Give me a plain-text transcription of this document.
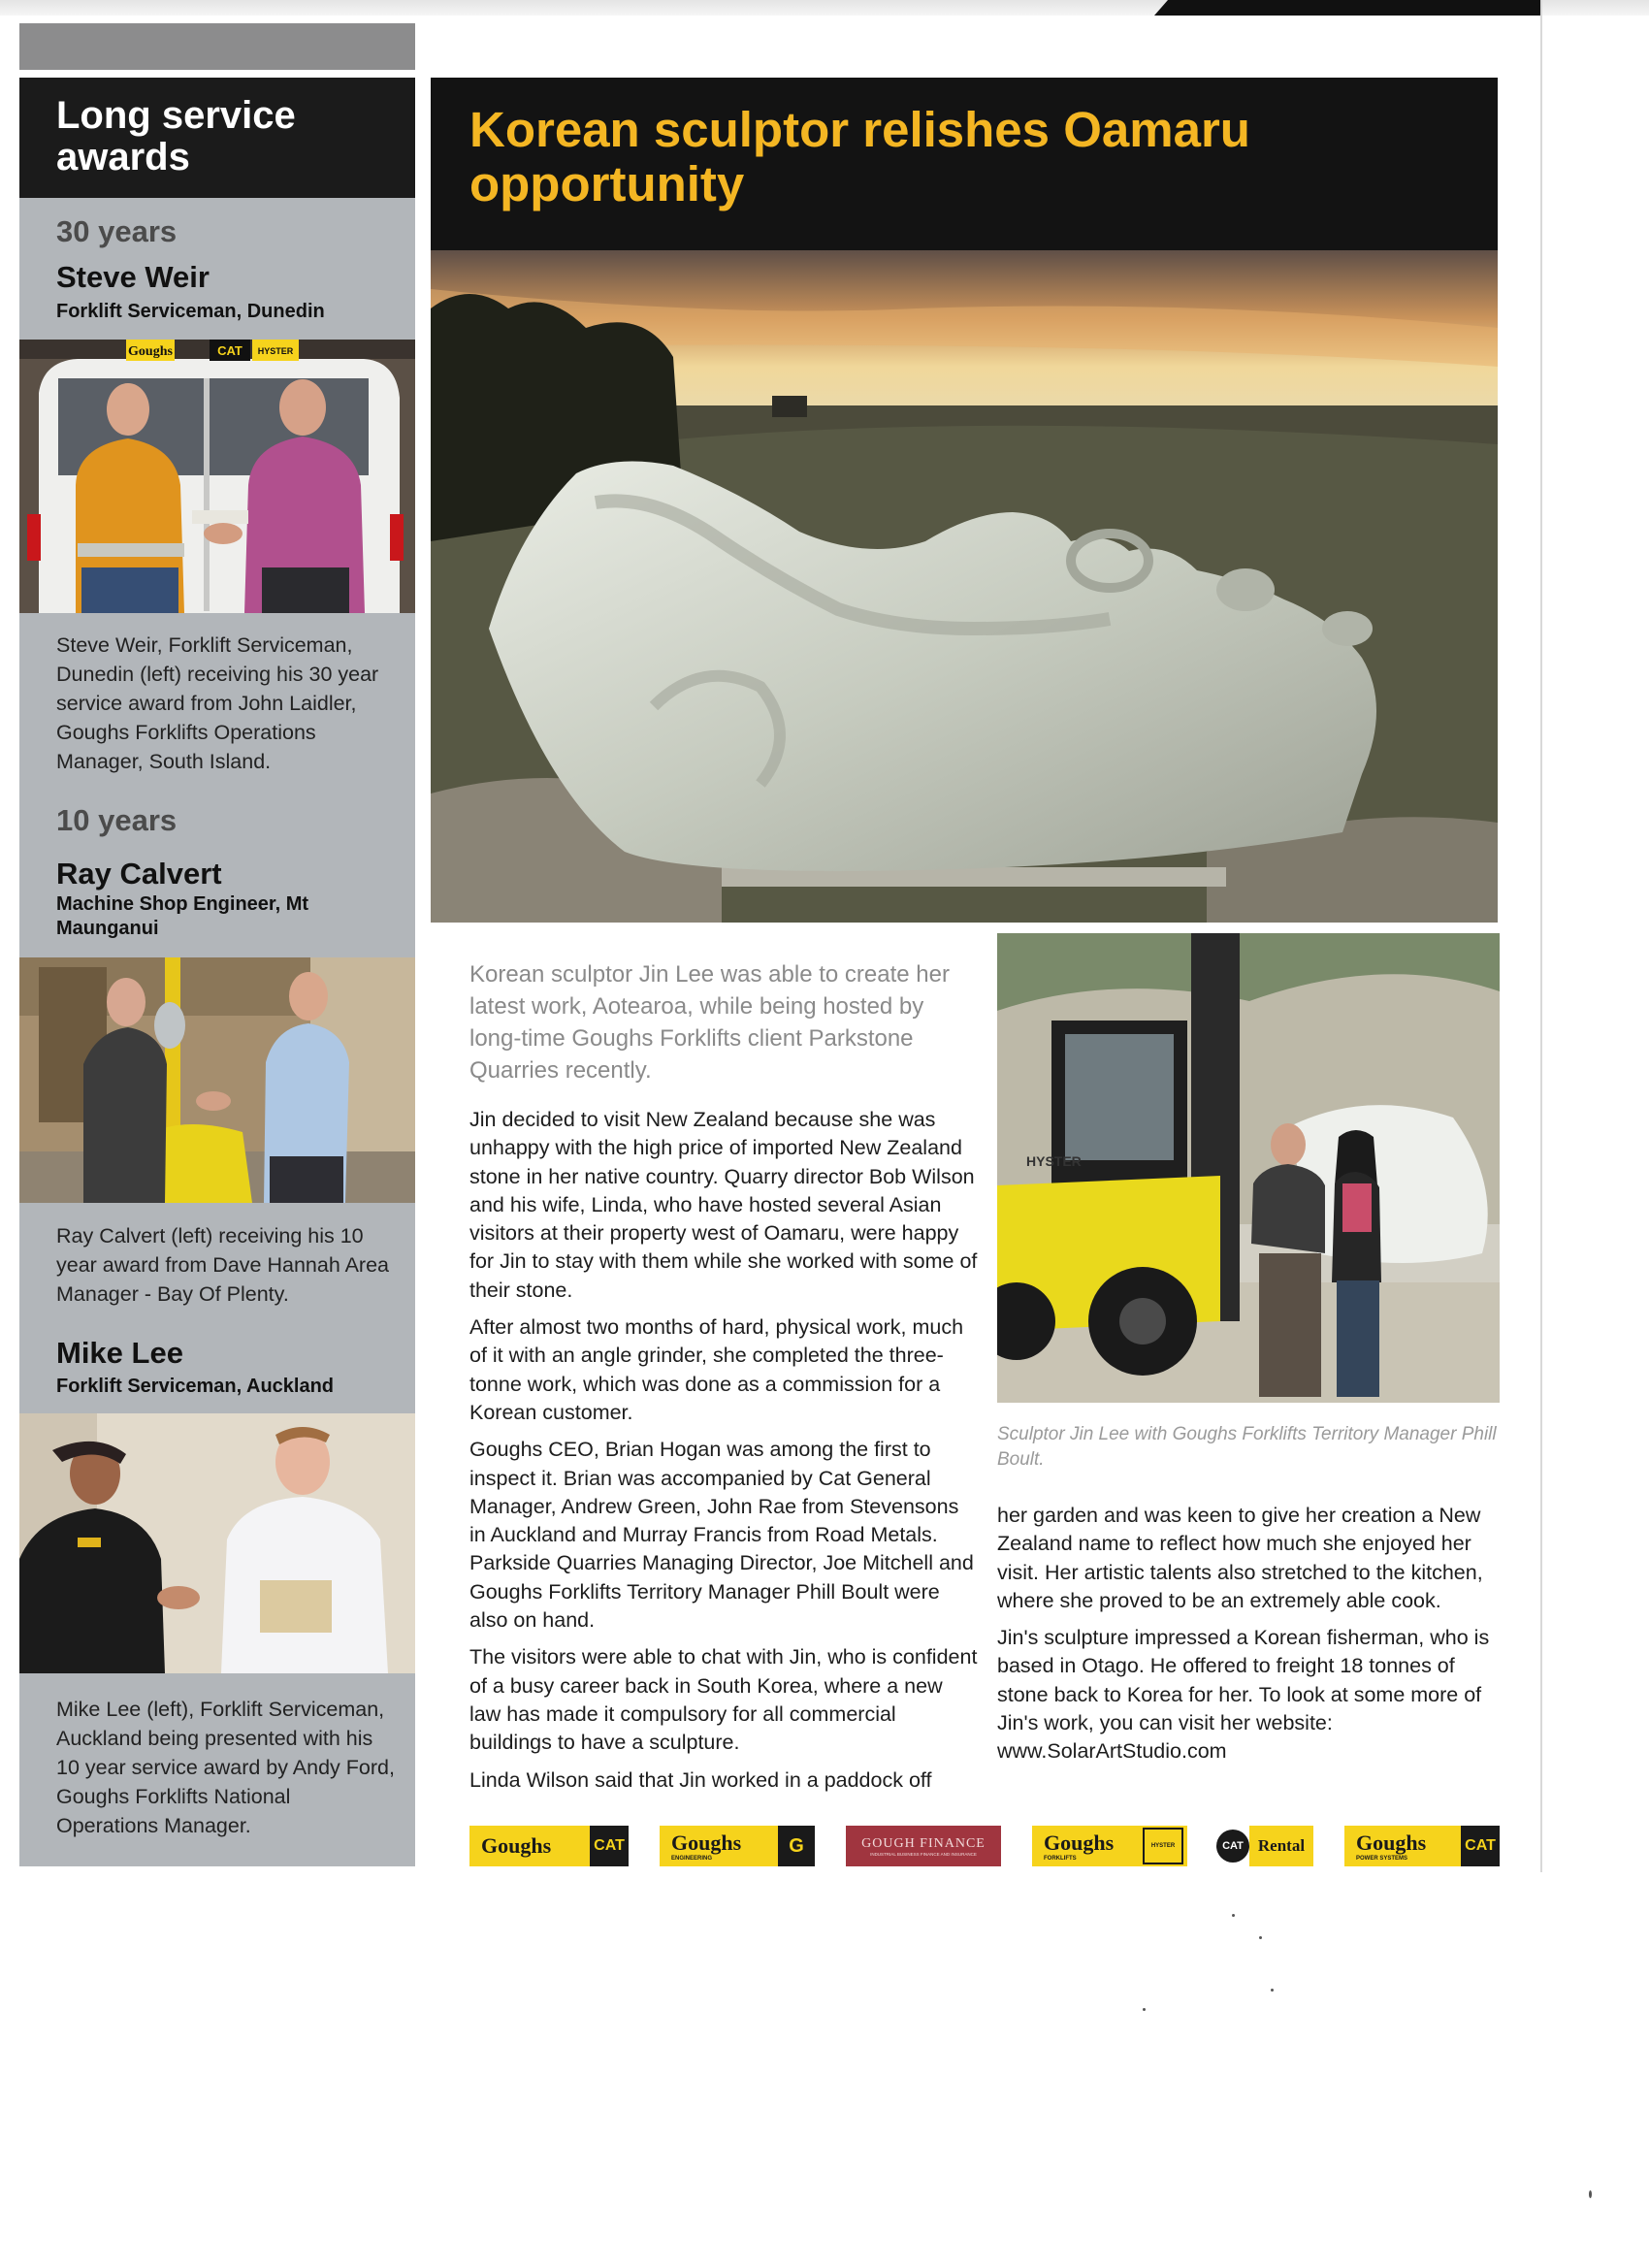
Long service awards
30 years
Steve Weir
Forklift Serviceman, Dunedin
Goughs	CAT HYSTER
Steve Weir, Forklift Serviceman, Dunedin (left) receiving his 30 year service award from John Laidler, Goughs Forklifts Operations Manager, South Island.
10 years
Ray Calvert
Machine Shop Engineer, Mt Maunganui
Ray Calvert (left) receiving his 10 year award from Dave Hannah Area Manager - Bay Of Plenty.
Mike Lee
Forklift Serviceman, Auckland
Mike Lee (left), Forklift Serviceman, Auckland being presented with his 10 year service award by Andy Ford, Goughs Forklifts National Operations Manager.
Korean sculptor relishes Oamaru opportunity
Korean sculptor Jin Lee was able to create her latest work, Aotearoa, while being hosted by long-time Goughs Forklifts client Parkstone Quarries recently.

Jin decided to visit New Zealand because she was unhappy with the high price of imported New Zealand stone in her native country. Quarry director Bob Wilson and his wife, Linda, who have hosted several Asian visitors at their property west of Oamaru, were happy for Jin to stay with them while she worked with some of their stone.

After almost two months of hard, physical work, much of it with an angle grinder, she completed the three-tonne work, which was done as a commission for a Korean customer.

Goughs CEO, Brian Hogan was among the first to inspect it. Brian was accompanied by Cat General Manager, Andrew Green, John Rae from Stevensons in Auckland and Murray Francis from Road Metals. Parkside Quarries Managing Director, Joe Mitchell and Goughs Forklifts Territory Manager Phill Boult were also on hand.

The visitors were able to chat with Jin, who is confident of a busy career back in South Korea, where a new law has made it compulsory for all commercial buildings to have a sculpture.

Linda Wilson said that Jin worked in a paddock off

HYSTER
Sculptor Jin Lee with Goughs Forklifts Territory Manager Phill Boult.

her garden and was keen to give her creation a New Zealand name to reflect how much she enjoyed her visit. Her artistic talents also stretched to the kitchen, where she proved to be an extremely able cook.

Jin's sculpture impressed a Korean fisherman, who is based in Otago. He offered to freight 18 tonnes of stone back to Korea for her. To look at some more of Jin's work, you can visit her website: www.SolarArtStudio.com

Goughs	CAT	Goughs
ENGINEERING
G	GOUGH FINANCE
INDUSTRIAL BUSINESS FINANCE AND INSURANCE	Goughs
FORKLIFTS
HYSTER	CAT Rental	Goughs
POWER SYSTEMS
CAT
